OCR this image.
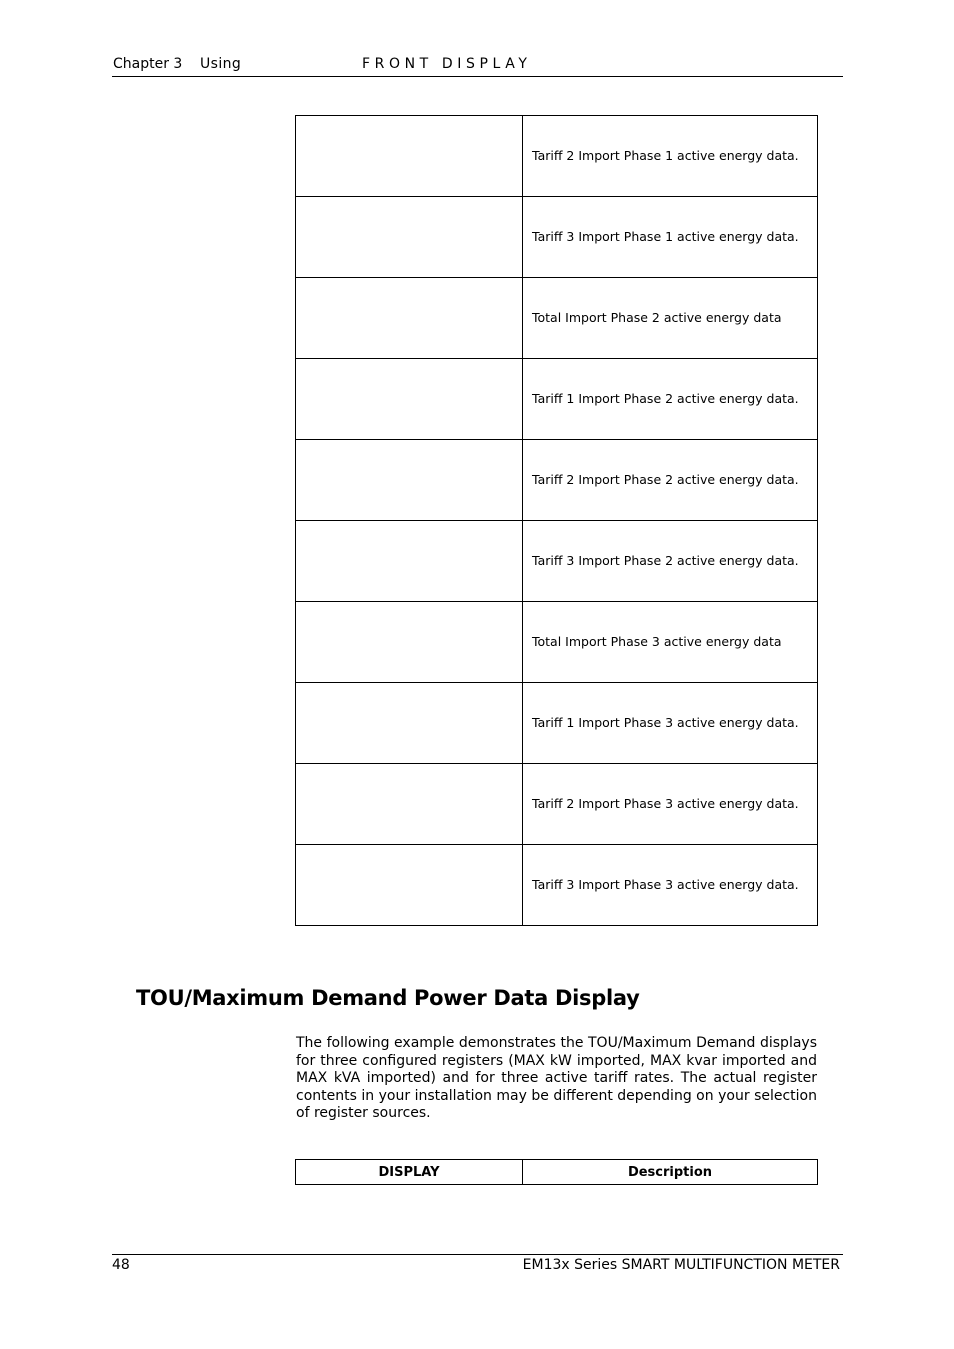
Chapter 3 Using	FRONT DISPLAY
	Tariff 2 Import Phase 1 active energy data.
	Tariff 3 Import Phase 1 active energy data.
	Total Import Phase 2 active energy data
	Tariff 1 Import Phase 2 active energy data.
	Tariff 2 Import Phase 2 active energy data.
	Tariff 3 Import Phase 2 active energy data.
	Total Import Phase 3 active energy data
	Tariff 1 Import Phase 3 active energy data.
	Tariff 2 Import Phase 3 active energy data.
	Tariff 3 Import Phase 3 active energy data.
TOU/Maximum Demand Power Data Display

The following example demonstrates the TOU/Maximum Demand displays for three configured registers (MAX kW imported, MAX kvar imported and MAX kVA imported) and for three active tariff rates. The actual register contents in your installation may be different depending on your selection of register sources.

DISPLAY	Description
48	EM13x Series SMART MULTIFUNCTION METER
